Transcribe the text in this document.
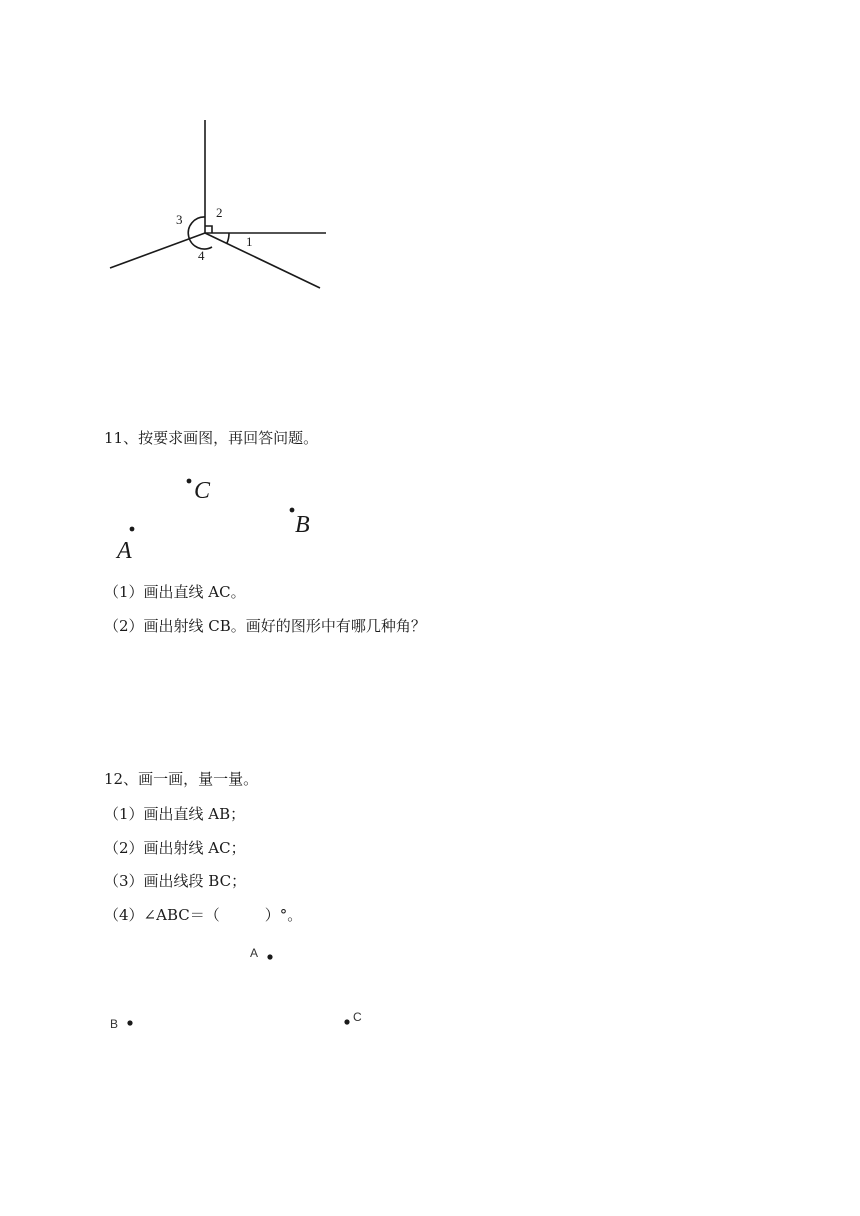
1
2
3
4
11、按要求画图，再回答问题。
A
C
B
（1）画出直线 AC。
（2）画出射线 CB。画好的图形中有哪几种角？
12、画一画，量一量。
（1）画出直线 AB；
（2）画出射线 AC；
（3）画出线段 BC；
（4）∠ABC＝（　　　）°。
A
B	C
